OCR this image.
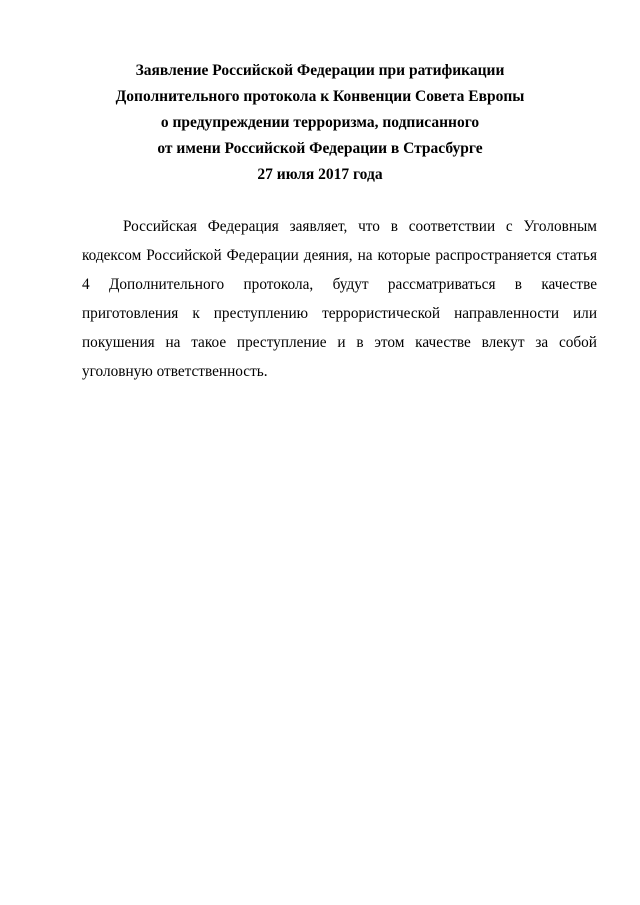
Заявление Российской Федерации при ратификации
Дополнительного протокола к Конвенции Совета Европы
о предупреждении терроризма, подписанного
от имени Российской Федерации в Страсбурге
27 июля 2017 года
Российская Федерация заявляет, что в соответствии с Уголовным
кодексом Российской Федерации деяния, на которые распространяется статья
4 Дополнительного протокола, будут рассматриваться в качестве
приготовления к преступлению террористической направленности или
покушения на такое преступление и в этом качестве влекут за собой
уголовную ответственность.
